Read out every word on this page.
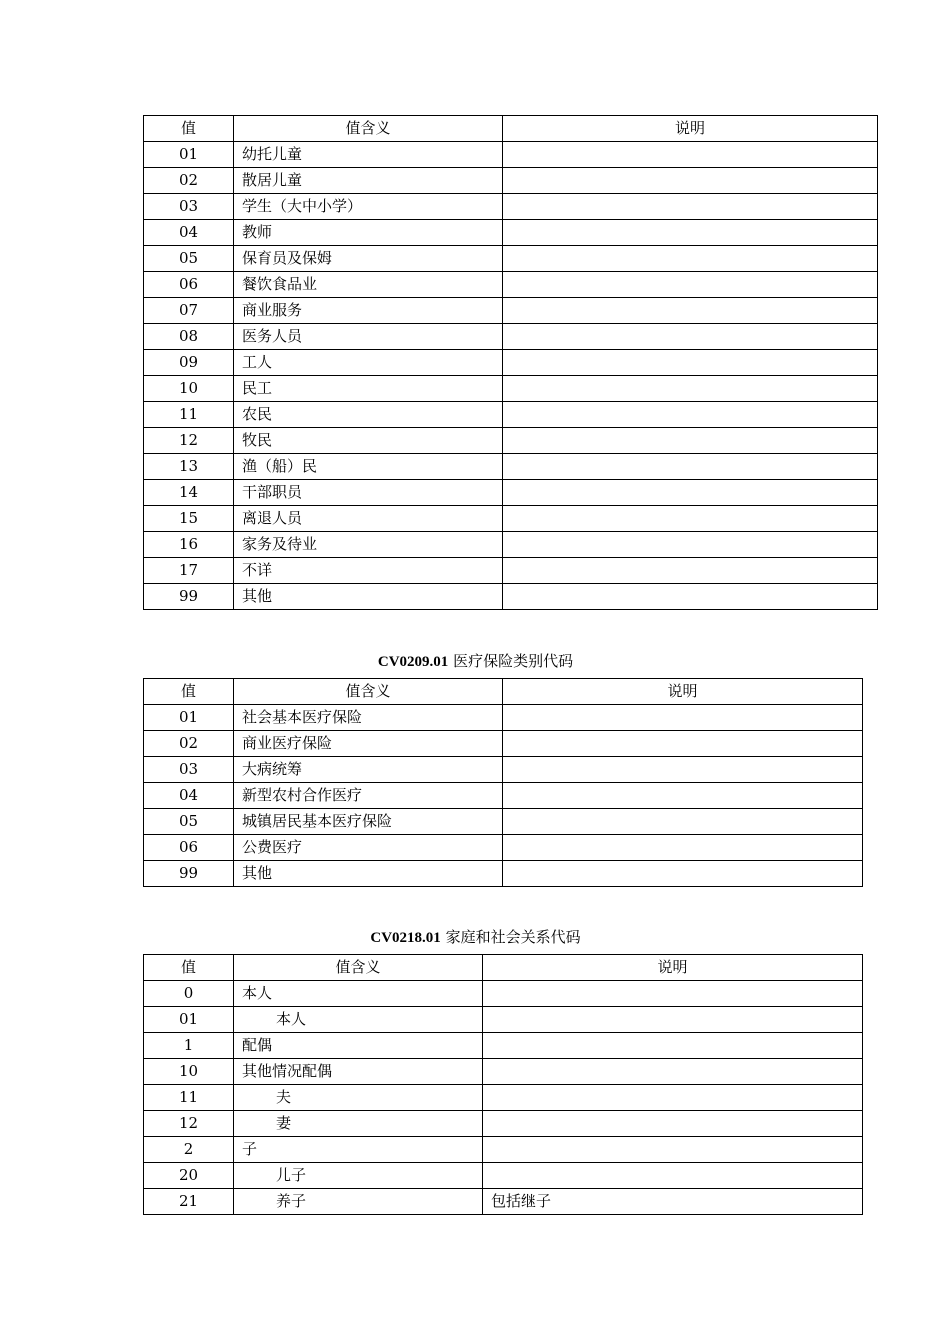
值	值含义	说明
01	幼托儿童	
02	散居儿童	
03	学生（大中小学）	
04	教师	
05	保育员及保姆	
06	餐饮食品业	
07	商业服务	
08	医务人员	
09	工人	
10	民工	
11	农民	
12	牧民	
13	渔（船）民	
14	干部职员	
15	离退人员	
16	家务及待业	
17	不详	
99	其他	
CV0209.01 医疗保险类别代码
值	值含义	说明
01	社会基本医疗保险	
02	商业医疗保险	
03	大病统筹	
04	新型农村合作医疗	
05	城镇居民基本医疗保险	
06	公费医疗	
99	其他	
CV0218.01 家庭和社会关系代码
值	值含义	说明
0	本人	
01	本人	
1	配偶	
10	其他情况配偶	
11	夫	
12	妻	
2	子	
20	儿子	
21	养子	包括继子
